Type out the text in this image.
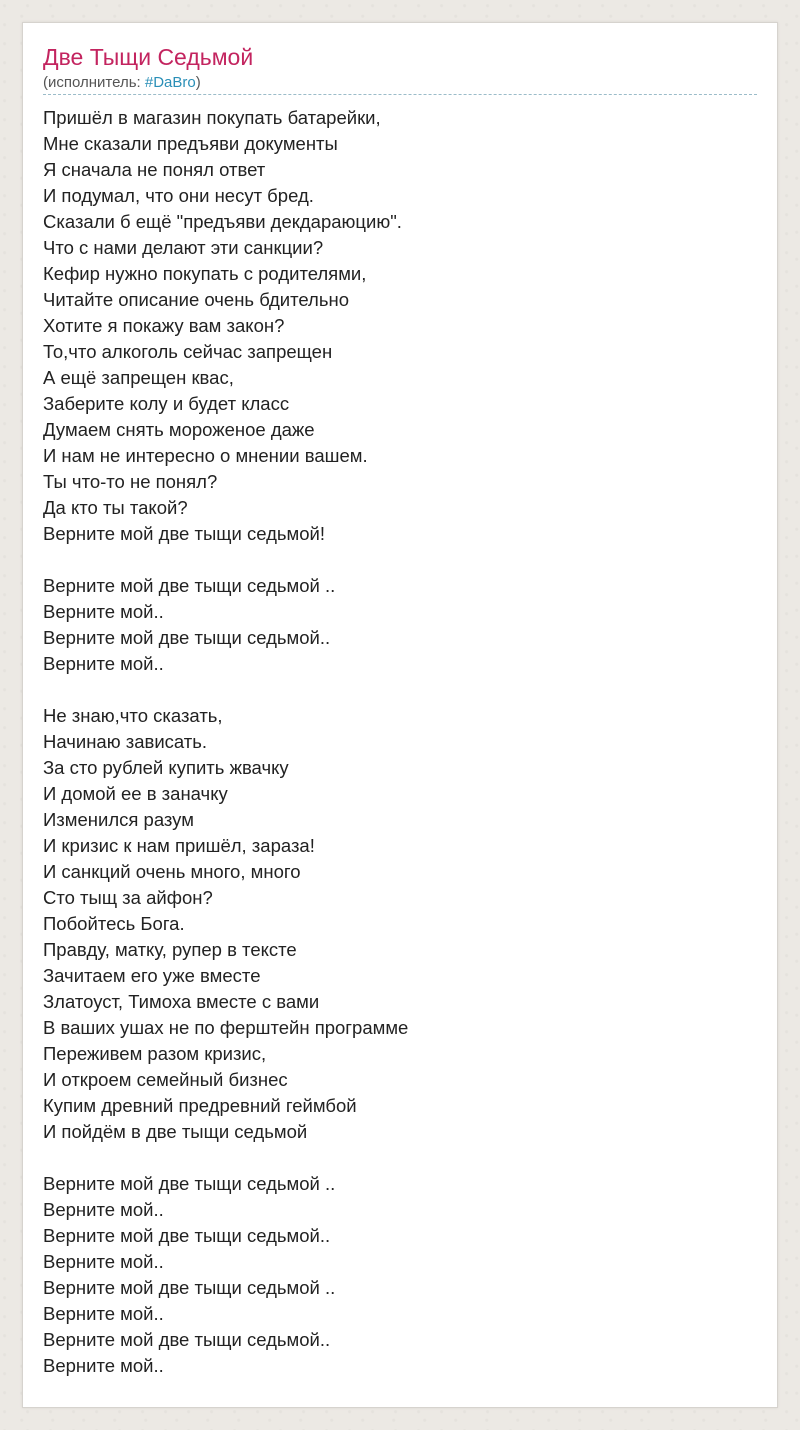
Две Тыщи Седьмой
(исполнитель: #DaBro)
Пришёл в магазин покупать батарейки,
Мне сказали предъяви документы
Я сначала не понял ответ
И подумал, что они несут бред.
Сказали б ещё "предъяви декдараюцию".
Что с нами делают эти санкции?
Кефир нужно покупать с родителями,
Читайте описание очень бдительно
Хотите я покажу вам закон?
То,что алкоголь сейчас запрещен
А ещё запрещен квас,
Заберите колу и будет класс
Думаем снять мороженое даже
И нам не интересно о мнении вашем.
Ты что-то не понял?
Да кто ты такой?
Верните мой две тыщи седьмой!
Верните мой две тыщи седьмой ..
Верните мой..
Верните мой две тыщи седьмой..
Верните мой..
Не знаю,что сказать,
Начинаю зависать.
За сто рублей купить жвачку
И домой ее в заначку
Изменился разум
И кризис к нам пришёл, зараза!
И санкций очень много, много
Сто тыщ за айфон?
Побойтесь Бога.
Правду, матку, рупер в тексте
Зачитаем его уже вместе
Златоуст, Тимоха вместе с вами
В ваших ушах не по ферштейн программе
Переживем разом кризис,
И откроем семейный бизнес
Купим древний предревний геймбой
И пойдём в две тыщи седьмой
Верните мой две тыщи седьмой ..
Верните мой..
Верните мой две тыщи седьмой..
Верните мой..
Верните мой две тыщи седьмой ..
Верните мой..
Верните мой две тыщи седьмой..
Верните мой..
